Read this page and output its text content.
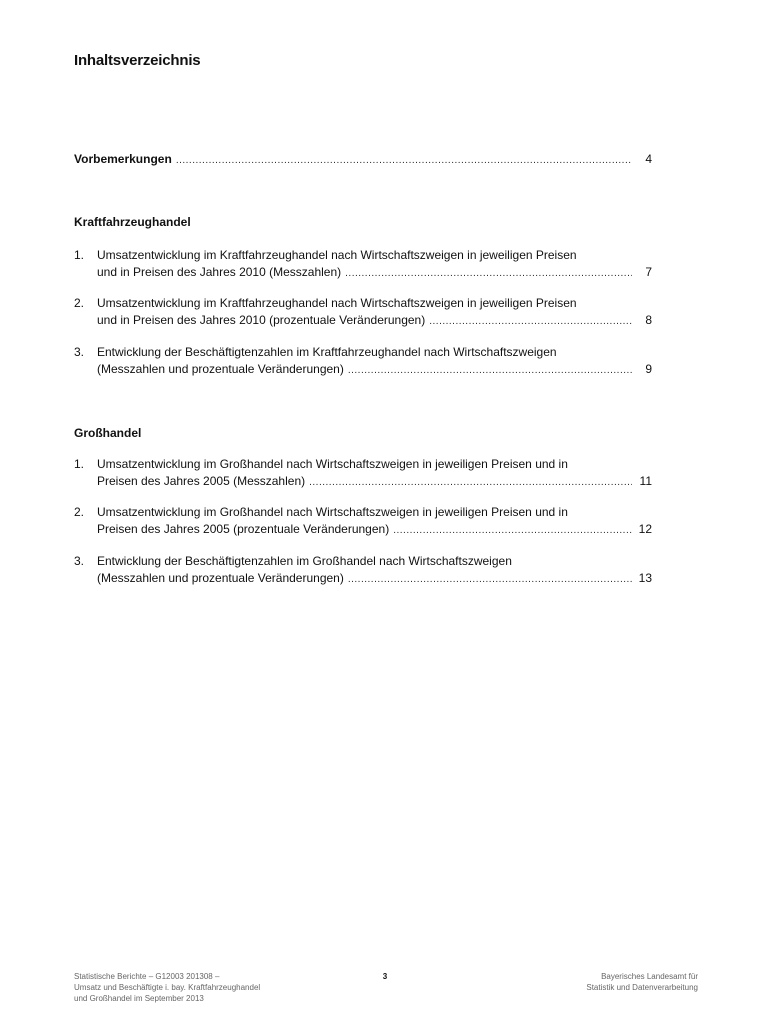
Inhaltsverzeichnis
Vorbemerkungen .....	4
Kraftfahrzeughandel
1.	Umsatzentwicklung im Kraftfahrzeughandel nach Wirtschaftszweigen in jeweiligen Preisen
und in Preisen des Jahres 2010 (Messzahlen) .....	7
2.	Umsatzentwicklung im Kraftfahrzeughandel nach Wirtschaftszweigen in jeweiligen Preisen
und in Preisen des Jahres 2010 (prozentuale Veränderungen) .....	8
3.	Entwicklung der Beschäftigtenzahlen im Kraftfahrzeughandel nach Wirtschaftszweigen
(Messzahlen und prozentuale Veränderungen) .....	9
Großhandel
1.	Umsatzentwicklung im Großhandel nach Wirtschaftszweigen in jeweiligen Preisen und in
Preisen des Jahres 2005 (Messzahlen) .....	11
2.	Umsatzentwicklung im Großhandel nach Wirtschaftszweigen in jeweiligen Preisen und in
Preisen des Jahres 2005 (prozentuale Veränderungen) .....	12
3.	Entwicklung der Beschäftigtenzahlen im Großhandel nach Wirtschaftszweigen
(Messzahlen und prozentuale Veränderungen) .....	13
Statistische Berichte – G12003 201308 –
Umsatz und Beschäftigte i. bay. Kraftfahrzeughandel
und Großhandel im September 2013
3	Bayerisches Landesamt für
Statistik und Datenverarbeitung
